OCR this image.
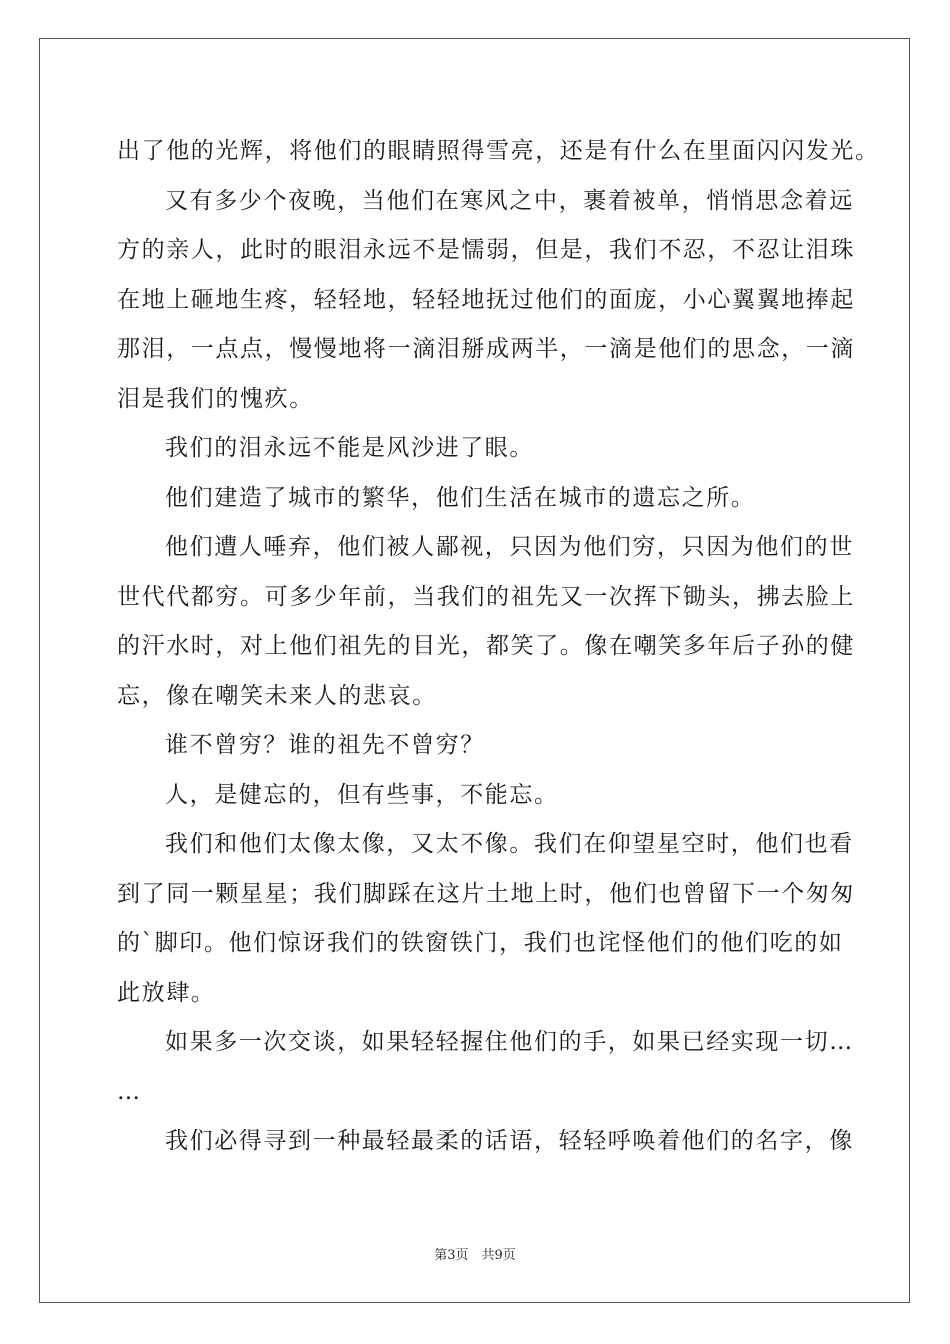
出了他的光辉，将他们的眼睛照得雪亮，还是有什么在里面闪闪发光。
又有多少个夜晚，当他们在寒风之中，裹着被单，悄悄思念着远
方的亲人，此时的眼泪永远不是懦弱，但是，我们不忍，不忍让泪珠
在地上砸地生疼，轻轻地，轻轻地抚过他们的面庞，小心翼翼地捧起
那泪，一点点，慢慢地将一滴泪掰成两半，一滴是他们的思念，一滴
泪是我们的愧疚。
我们的泪永远不能是风沙进了眼。
他们建造了城市的繁华，他们生活在城市的遗忘之所。
他们遭人唾弃，他们被人鄙视，只因为他们穷，只因为他们的世
世代代都穷。可多少年前，当我们的祖先又一次挥下锄头，拂去脸上
的汗水时，对上他们祖先的目光，都笑了。像在嘲笑多年后子孙的健
忘，像在嘲笑未来人的悲哀。
谁不曾穷？谁的祖先不曾穷？
人，是健忘的，但有些事，不能忘。
我们和他们太像太像，又太不像。我们在仰望星空时，他们也看
到了同一颗星星；我们脚踩在这片土地上时，他们也曾留下一个匆匆
的`脚印。他们惊讶我们的铁窗铁门，我们也诧怪他们的他们吃的如
此放肆。
如果多一次交谈，如果轻轻握住他们的手，如果已经实现一切…
…
我们必得寻到一种最轻最柔的话语，轻轻呼唤着他们的名字，像
第3页　共9页
